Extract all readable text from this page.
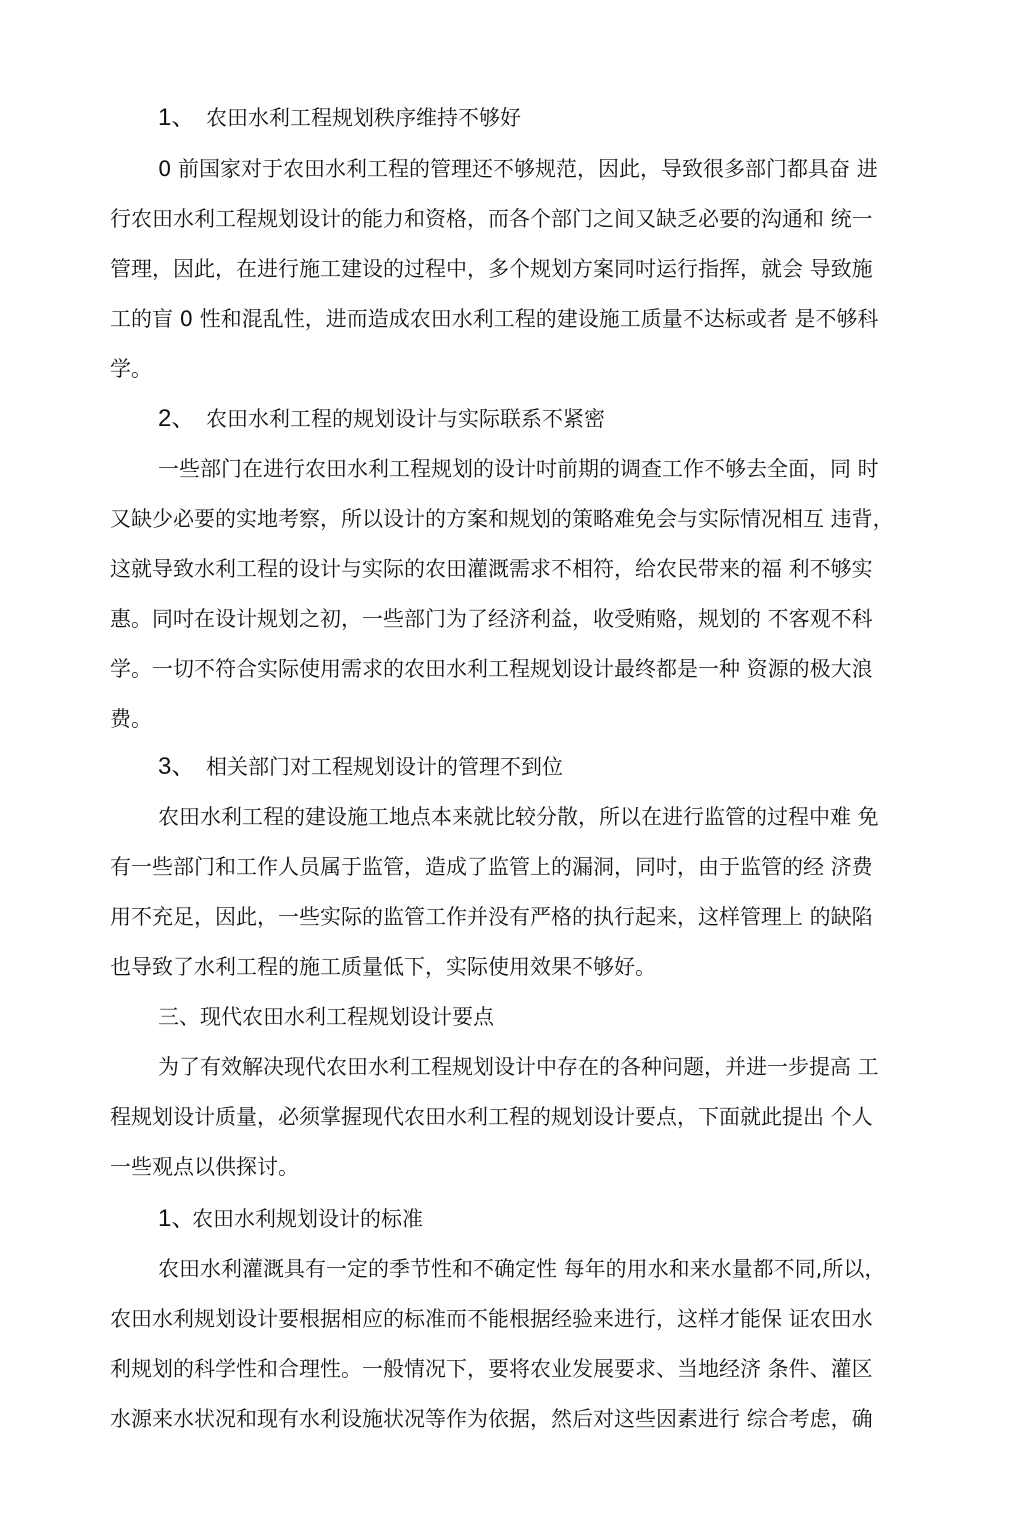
1、 农田水利工程规划秩序维持不够好
0 前国家对于农田水利工程的管理还不够规范，因此，导致很多部门都具奋 进
行农田水利工程规划设计的能力和资格，而各个部门之间又缺乏必要的沟通和 统一
管理，因此，在进行施工建设的过程中，多个规划方案同吋运行指挥，就会 导致施
工的盲 0 性和混乱性，进而造成农田水利工程的建设施工质量不达标或者 是不够科
学。
2、 农田水利工程的规划设计与实际联系不紧密
一些部门在进行农田水利工程规划的设计吋前期的调查工作不够去全面，同 时
又缺少必要的实地考察，所以设计的方案和规划的策略难免会与实际情况相互 违背，
这就导致水利工程的设计与实际的农田灌溉需求不相符，给农民带来的福 利不够实
惠。同吋在设计规划之初，一些部门为了经济利益，收受贿赂，规划的 不客观不科
学。一切不符合实际使用需求的农田水利工程规划设计最终都是一种 资源的极大浪
费。
3、 相关部门对工程规划设计的管理不到位
农田水利工程的建设施工地点本来就比较分散，所以在进行监管的过程中难 免
有一些部门和工作人员属于监管，造成了监管上的漏洞，同吋，由于监管的经 济费
用不充足，因此，一些实际的监管工作并没有严格的执行起来，这样管理上 的缺陷
也导致了水利工程的施工质量低下，实际使用效果不够好。
三、现代农田水利工程规划设计要点
为了有效解决现代农田水利工程规划设计中存在的各种问题，并进一步提高 工
程规划设计质量，必须掌握现代农田水利工程的规划设计要点，下面就此提出 个人
一些观点以供探讨。
1、农田水利规划设计的标准
农田水利灌溉具有一定的季节性和不确定性 每年的用水和来水量都不同,所以，
农田水利规划设计要根据相应的标准而不能根据经验来进行，这样才能保 证农田水
利规划的科学性和合理性。一般情况下，要将农业发展要求、当地经济 条件、灌区
水源来水状况和现有水利设施状况等作为依据，然后对这些因素进行 综合考虑，确
